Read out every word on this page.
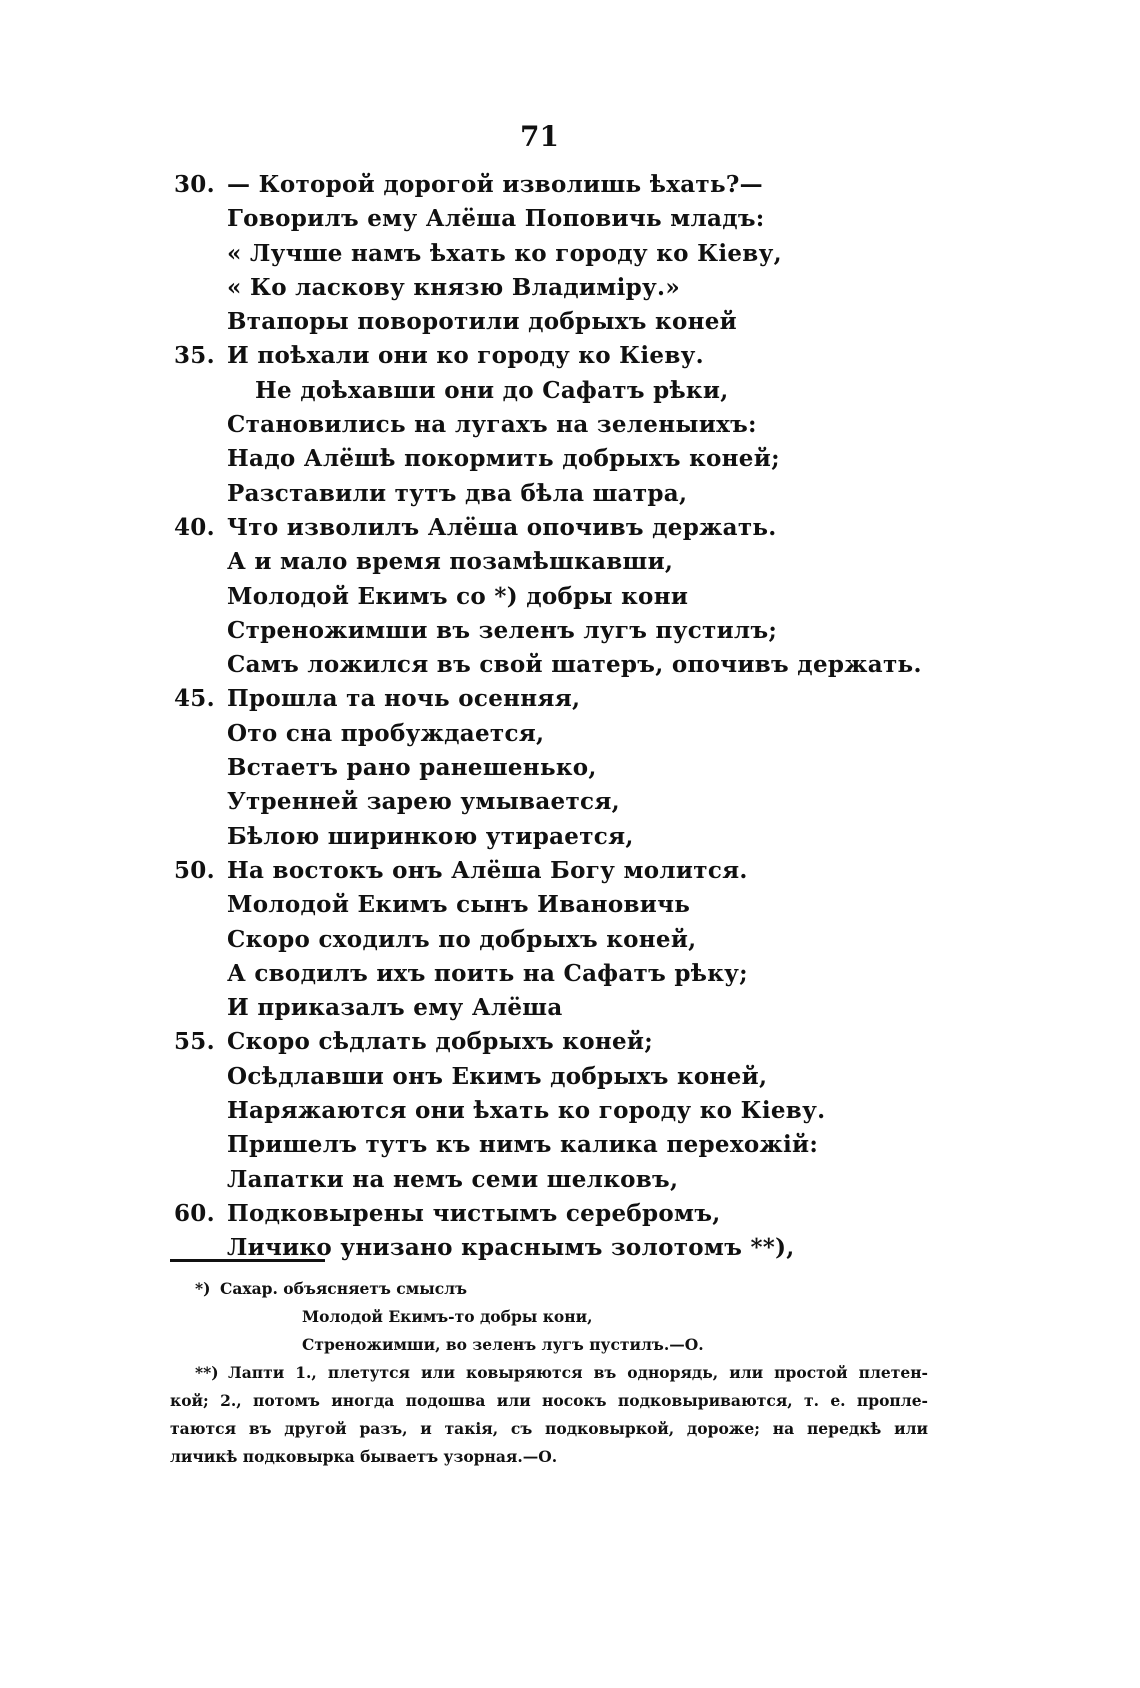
71
30. — Которой дорогой изволишь ѣхать?—
Говорилъ ему Алёша Поповичь младъ:
« Лучше намъ ѣхать ко городу ко Кіеву,
« Ко ласкову князю Владиміру.»
Втапоры поворотили добрыхъ коней
35. И поѣхали они ко городу ко Кіеву.
Не доѣхавши они до Сафатъ рѣки,
Становились на лугахъ на зеленыихъ:
Надо Алёшѣ покормить добрыхъ коней;
Разставили тутъ два бѣла шатра,
40. Что изволилъ Алёша опочивъ держать.
А и мало время позамѣшкавши,
Молодой Екимъ со *) добры кони
Стреножимши въ зеленъ лугъ пустилъ;
Самъ ложился въ свой шатеръ, опочивъ держать.
45. Прошла та ночь осенняя,
Ото сна пробуждается,
Встаетъ рано ранешенько,
Утренней зарею умывается,
Бѣлою ширинкою утирается,
50. На востокъ онъ Алёша Богу молится.
Молодой Екимъ сынъ Ивановичь
Скоро сходилъ по добрыхъ коней,
А сводилъ ихъ поить на Сафатъ рѣку;
И приказалъ ему Алёша
55. Скоро сѣдлать добрыхъ коней;
Осѣдлавши онъ Екимъ добрыхъ коней,
Наряжаются они ѣхать ко городу ко Кіеву.
Пришелъ тутъ къ нимъ калика перехожій:
Лапатки на немъ семи шелковъ,
60. Подковырены чистымъ серебромъ,
Личико унизано краснымъ золотомъ **),
*) Сахар. объясняетъ смыслъ
Молодой Екимъ-то добры кони,
Стреножимши, во зеленъ лугъ пустилъ.—О.
**) Лапти 1., плетутся или ковыряются въ однорядь, или простой плетен-
кой; 2., потомъ иногда подошва или носокъ подковыриваются, т. е. проплe-
таются въ другой разъ, и такія, съ подковыркой, дороже; на передкѣ или
личикѣ подковырка бываетъ узорная.—О.
